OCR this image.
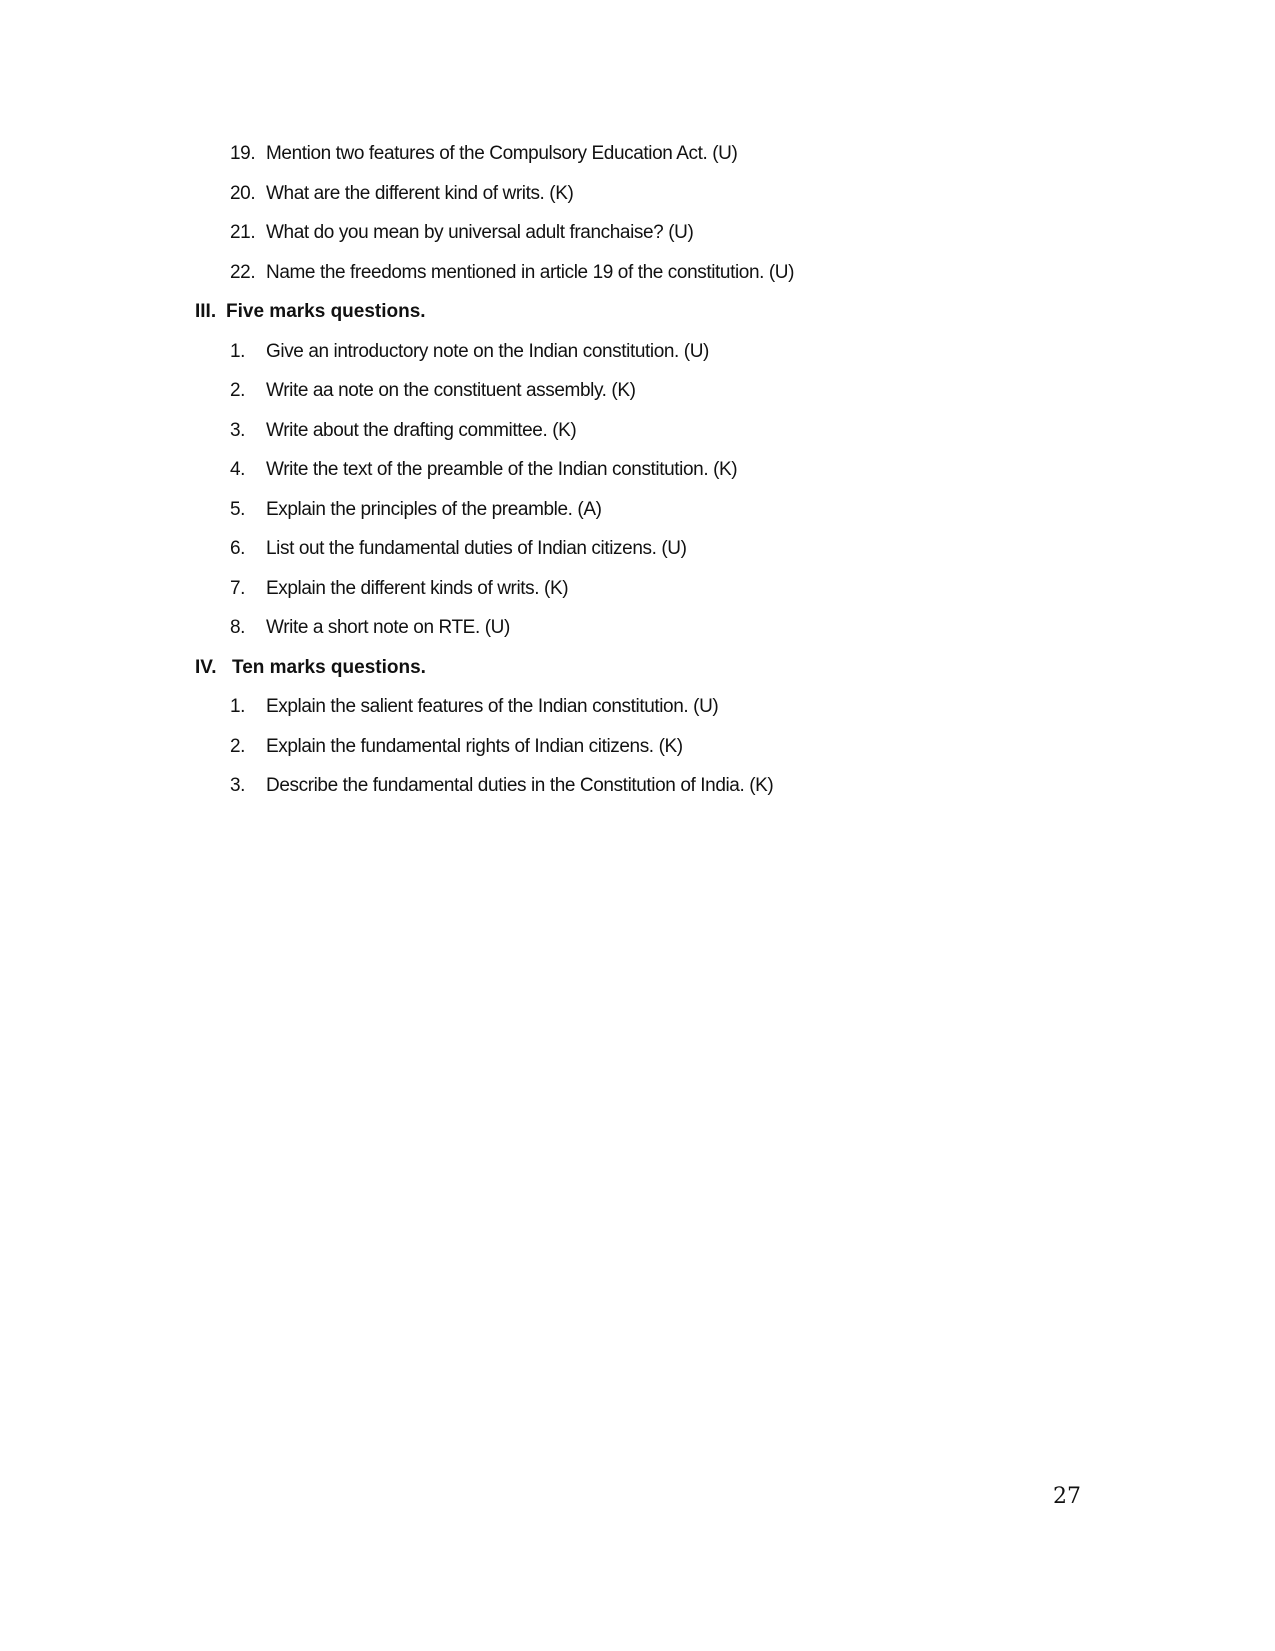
19. Mention two features of the Compulsory Education Act. (U)
20. What are the different kind of writs. (K)
21. What do you mean by universal adult franchaise? (U)
22. Name the freedoms mentioned in article 19 of the constitution. (U)
III. Five marks questions.
1. Give an introductory note on the Indian constitution. (U)
2. Write aa note on the constituent assembly. (K)
3. Write about the drafting committee. (K)
4. Write the text of the preamble of the Indian constitution. (K)
5. Explain the principles of the preamble. (A)
6. List out the fundamental duties of Indian citizens. (U)
7. Explain the different kinds of writs. (K)
8. Write a short note on RTE. (U)
IV. Ten marks questions.
1. Explain the salient features of the Indian constitution. (U)
2. Explain the fundamental rights of Indian citizens. (K)
3. Describe the fundamental duties in the Constitution of India. (K)
27
